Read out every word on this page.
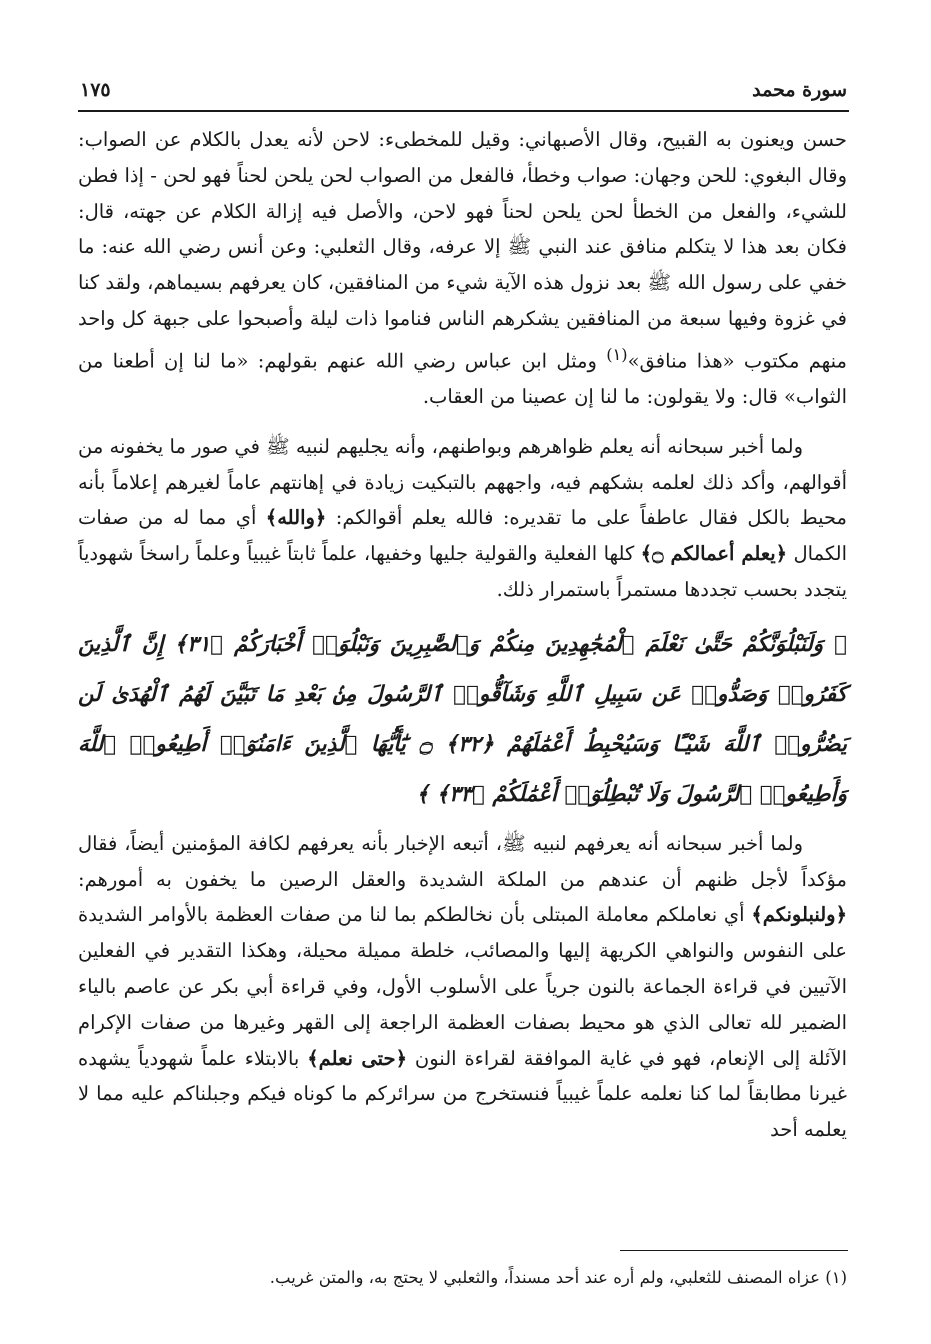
سورة محمد
١٧٥

حسن ويعنون به القبيح، وقال الأصبهاني: وقيل للمخطىء: لاحن لأنه يعدل بالكلام عن الصواب: وقال البغوي: للحن وجهان: صواب وخطأ، فالفعل من الصواب لحن يلحن لحناً فهو لحن - إذا فطن للشيء، والفعل من الخطأ لحن يلحن لحناً فهو لاحن، والأصل فيه إزالة الكلام عن جهته، قال: فكان بعد هذا لا يتكلم منافق عند النبي ﷺ إلا عرفه، وقال الثعلبي: وعن أنس رضي الله عنه: ما خفي على رسول الله ﷺ بعد نزول هذه الآية شيء من المنافقين، كان يعرفهم بسيماهم، ولقد كنا في غزوة وفيها سبعة من المنافقين يشكرهم الناس فناموا ذات ليلة وأصبحوا على جبهة كل واحد منهم مكتوب «هذا منافق»$^{(١)}$ ومثل ابن عباس رضي الله عنهم بقولهم: «ما لنا إن أطعنا من الثواب» قال: ولا يقولون: ما لنا إن عصينا من العقاب.

ولما أخبر سبحانه أنه يعلم ظواهرهم وبواطنهم، وأنه يجليهم لنبيه ﷺ في صور ما يخفونه من أقوالهم، وأكد ذلك لعلمه بشكهم فيه، واجههم بالتبكيت زيادة في إهانتهم عاماً لغيرهم إعلاماً بأنه محيط بالكل فقال عاطفاً على ما تقديره: فالله يعلم أقوالكم: ﴿والله﴾ أي مما له من صفات الكمال ﴿يعلم أعمالكم ۝﴾ كلها الفعلية والقولية جليها وخفيها، علماً ثابتاً غيبياً وعلماً راسخاً شهودياً يتجدد بحسب تجددها مستمراً باستمرار ذلك.

﴿ وَلَنَبْلُوَنَّكُمْ حَتَّىٰ نَعْلَمَ ٱلْمُجَٰهِدِينَ مِنكُمْ وَٱلصَّٰبِرِينَ وَنَبْلُوَا۟ أَخْبَارَكُمْ ﴿٣١﴾ إِنَّ ٱلَّذِينَ كَفَرُوا۟ وَصَدُّوا۟ عَن سَبِيلِ ٱللَّهِ وَشَآقُّوا۟ ٱلرَّسُولَ مِنۢ بَعْدِ مَا تَبَيَّنَ لَهُمُ ٱلْهُدَىٰ لَن يَضُرُّوا۟ ٱللَّهَ شَيْـًٔا وَسَيُحْبِطُ أَعْمَٰلَهُمْ ﴿٣٢﴾ ۝ يَٰٓأَيُّهَا ٱلَّذِينَ ءَامَنُوٓا۟ أَطِيعُوا۟ ٱللَّهَ وَأَطِيعُوا۟ ٱلرَّسُولَ وَلَا تُبْطِلُوٓا۟ أَعْمَٰلَكُمْ ﴿٣٣﴾ ﴾

ولما أخبر سبحانه أنه يعرفهم لنبيه ﷺ، أتبعه الإخبار بأنه يعرفهم لكافة المؤمنين أيضاً، فقال مؤكداً لأجل ظنهم أن عندهم من الملكة الشديدة والعقل الرصين ما يخفون به أمورهم: ﴿ولنبلونكم﴾ أي نعاملكم معاملة المبتلى بأن نخالطكم بما لنا من صفات العظمة بالأوامر الشديدة على النفوس والنواهي الكريهة إليها والمصائب، خلطة مميلة محيلة، وهكذا التقدير في الفعلين الآتيين في قراءة الجماعة بالنون جرياً على الأسلوب الأول، وفي قراءة أبي بكر عن عاصم بالياء الضمير لله تعالى الذي هو محيط بصفات العظمة الراجعة إلى القهر وغيرها من صفات الإكرام الآئلة إلى الإنعام، فهو في غاية الموافقة لقراءة النون ﴿حتى نعلم﴾ بالابتلاء علماً شهودياً يشهده غيرنا مطابقاً لما كنا نعلمه علماً غيبياً فنستخرج من سرائركم ما كوناه فيكم وجبلناكم عليه مما لا يعلمه أحد

(١) عزاه المصنف للثعلبي، ولم أره عند أحد مسنداً، والثعلبي لا يحتج به، والمتن غريب.
